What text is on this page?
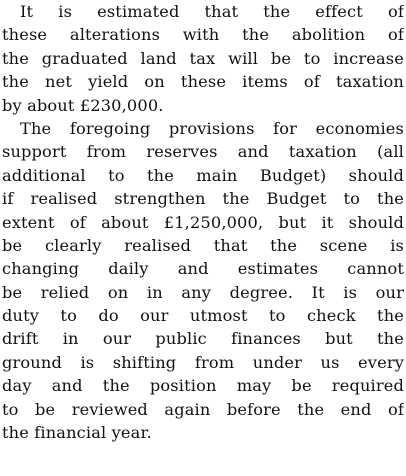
It is estimated that the effect of
these alterations with the abolition of
the graduated land tax will be to increase
the net yield on these items of taxation
by about £230,000.
The foregoing provisions for economies
support from reserves and taxation (all
additional to the main Budget) should
if realised strengthen the Budget to the
extent of about £1,250,000, but it should
be clearly realised that the scene is
changing daily and estimates cannot
be relied on in any degree. It is our
duty to do our utmost to check the
drift in our public finances but the
ground is shifting from under us every
day and the position may be required
to be reviewed again before the end of
the financial year.
